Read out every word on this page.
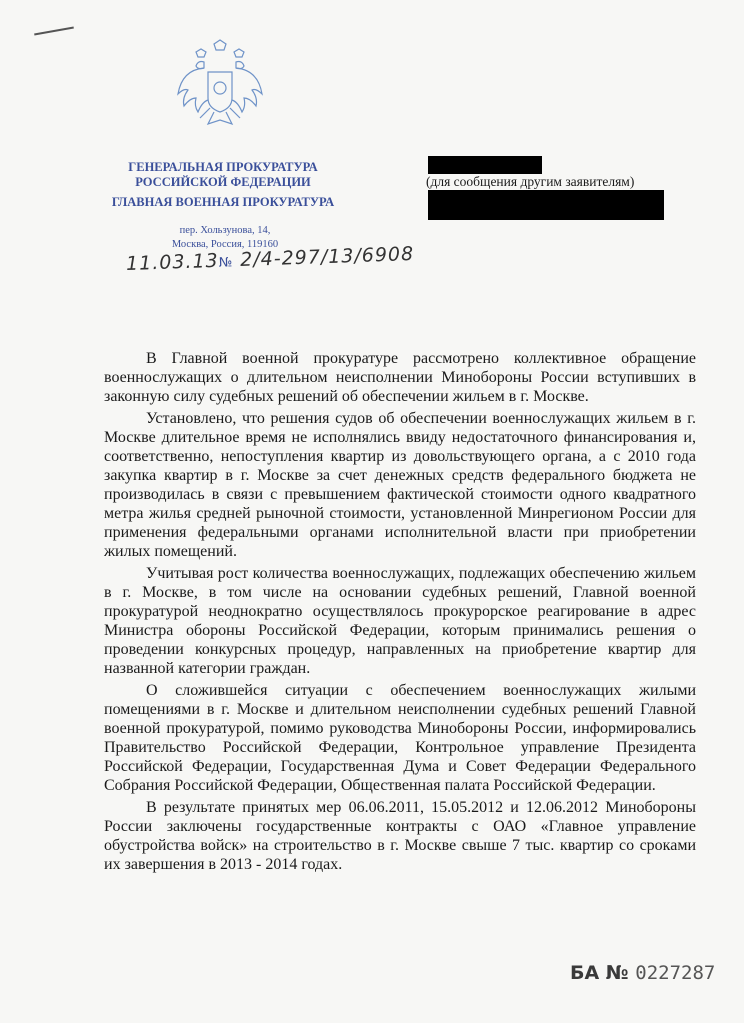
ГЕНЕРАЛЬНАЯ ПРОКУРАТУРА
РОССИЙСКОЙ ФЕДЕРАЦИИ
ГЛАВНАЯ ВОЕННАЯ ПРОКУРАТУРА
пер. Хользунова, 14,
Москва, Россия, 119160
11.03.13№ 2/4-297/13/6908
(для сообщения другим заявителям)

В Главной военной прокуратуре рассмотрено коллективное обращение военнослужащих о длительном неисполнении Минобороны России вступивших в законную силу судебных решений об обеспечении жильем в г. Москве.

Установлено, что решения судов об обеспечении военнослужащих жильем в г. Москве длительное время не исполнялись ввиду недостаточного финансирования и, соответственно, непоступления квартир из довольствующего органа, а с 2010 года закупка квартир в г. Москве за счет денежных средств федерального бюджета не производилась в связи с превышением фактической стоимости одного квадратного метра жилья средней рыночной стоимости, установленной Минрегионом России для применения федеральными органами исполнительной власти при приобретении жилых помещений.

Учитывая рост количества военнослужащих, подлежащих обеспечению жильем в г. Москве, в том числе на основании судебных решений, Главной военной прокуратурой неоднократно осуществлялось прокурорское реагирование в адрес Министра обороны Российской Федерации, которым принимались решения о проведении конкурсных процедур, направленных на приобретение квартир для названной категории граждан.

О сложившейся ситуации с обеспечением военнослужащих жилыми помещениями в г. Москве и длительном неисполнении судебных решений Главной военной прокуратурой, помимо руководства Минобороны России, информировались Правительство Российской Федерации, Контрольное управление Президента Российской Федерации, Государственная Дума и Совет Федерации Федерального Собрания Российской Федерации, Общественная палата Российской Федерации.

В результате принятых мер 06.06.2011, 15.05.2012 и 12.06.2012 Минобороны России заключены государственные контракты с ОАО «Главное управление обустройства войск» на строительство в г. Москве свыше 7 тыс. квартир со сроками их завершения в 2013 - 2014 годах.

БА № 0227287
